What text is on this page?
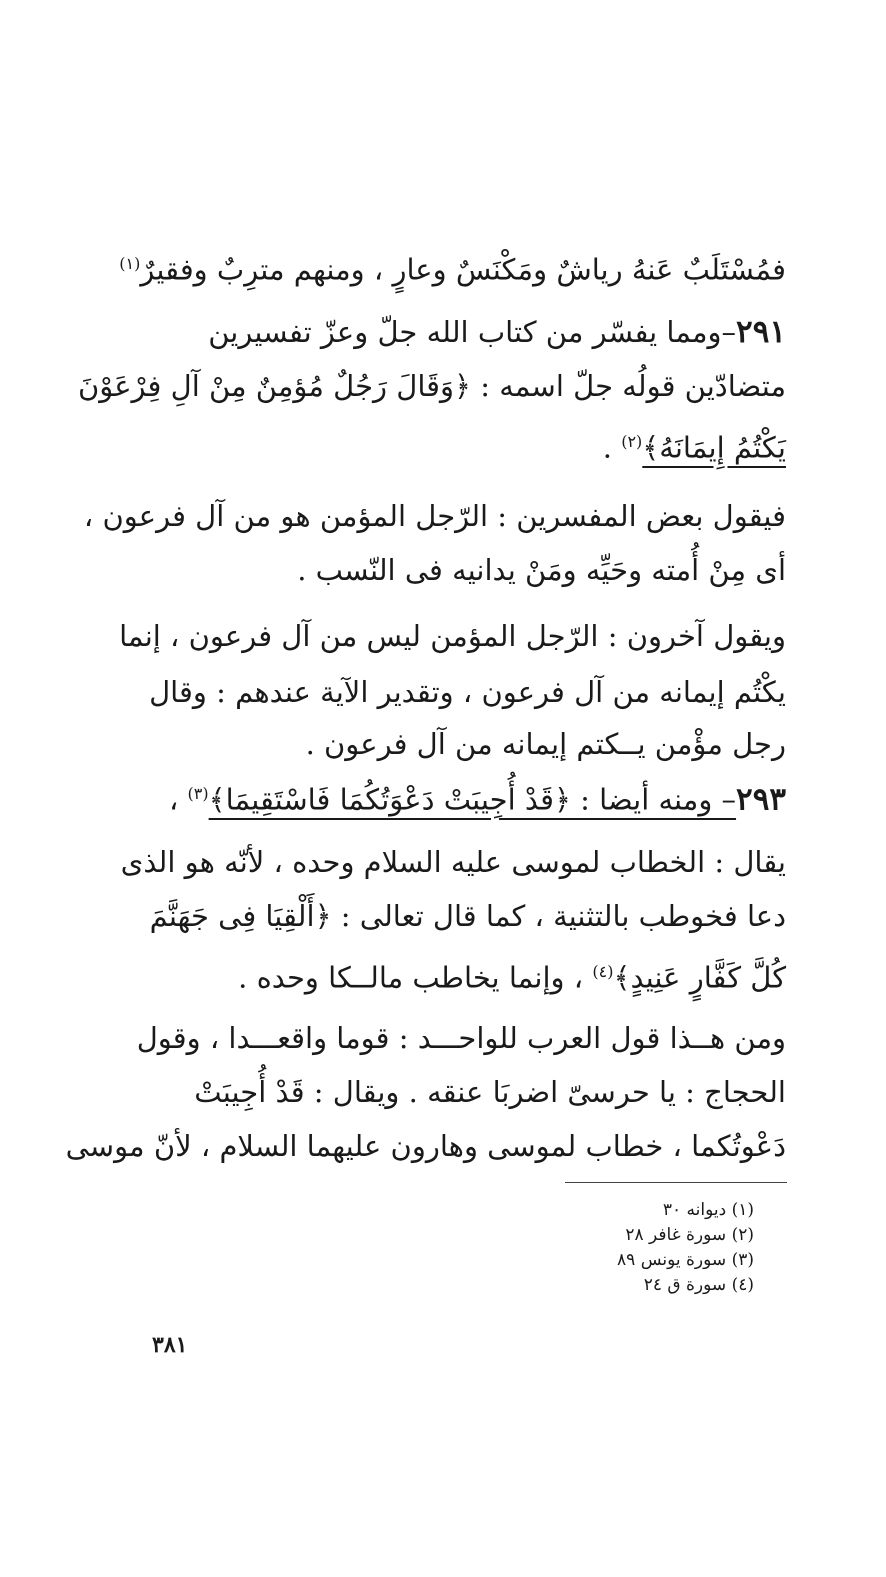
فمُسْتَلَبٌ عَنهُ رياشٌ ومَكْنَسٌ وعارٍ ، ومنهم مترِبٌ وفقيرٌ$^{(١)}$
٢٩١–ومما يفسّر من كتاب الله جلّ وعزّ تفسيرين
متضادّين قولُه جلّ اسمه : ﴿وَقَالَ رَجُلٌ مُؤمِنٌ مِنْ آلِ فِرْعَوْنَ
يَكْتُمُ إِيمَانَهُ﴾$^{(٢)}$ .
فيقول بعض المفسرين : الرّجل المؤمن هو من آل فرعون ،
أى مِنْ أُمته وحَيِّه ومَنْ يدانيه فى النّسب .
ويقول آخرون : الرّجل المؤمن ليس من آل فرعون ، إنما
يكْتُم إيمانه من آل فرعون ، وتقدير الآية عندهم : وقال
رجل مؤْمن يــكتم إيمانه من آل فرعون .
٢٩٣– ومنه أيضا : ﴿قَدْ أُجِيبَتْ دَعْوَتُكُمَا فَاسْتَقِيمَا﴾$^{(٣)}$ ،
يقال : الخطاب لموسى عليه السلام وحده ، لأنّه هو الذى
دعا فخوطب بالتثنية ، كما قال تعالى : ﴿أَلْقِيَا فِى جَهَنَّمَ
كُلَّ كَفَّارٍ عَنِيدٍ﴾$^{(٤)}$ ، وإنما يخاطب مالــكا وحده .
ومن هــذا قول العرب للواحـــد : قوما واقعـــدا ، وقول
الحجاج : يا حرسىّ اضربَا عنقه . ويقال : قَدْ أُجِيبَتْ
دَعْوتُكما ، خطاب لموسى وهارون عليهما السلام ، لأنّ موسى
(١) ديوانه ٣٠
(٢) سورة غافر ٢٨
(٣) سورة يونس ٨٩
(٤) سورة ق ٢٤
٣٨١
